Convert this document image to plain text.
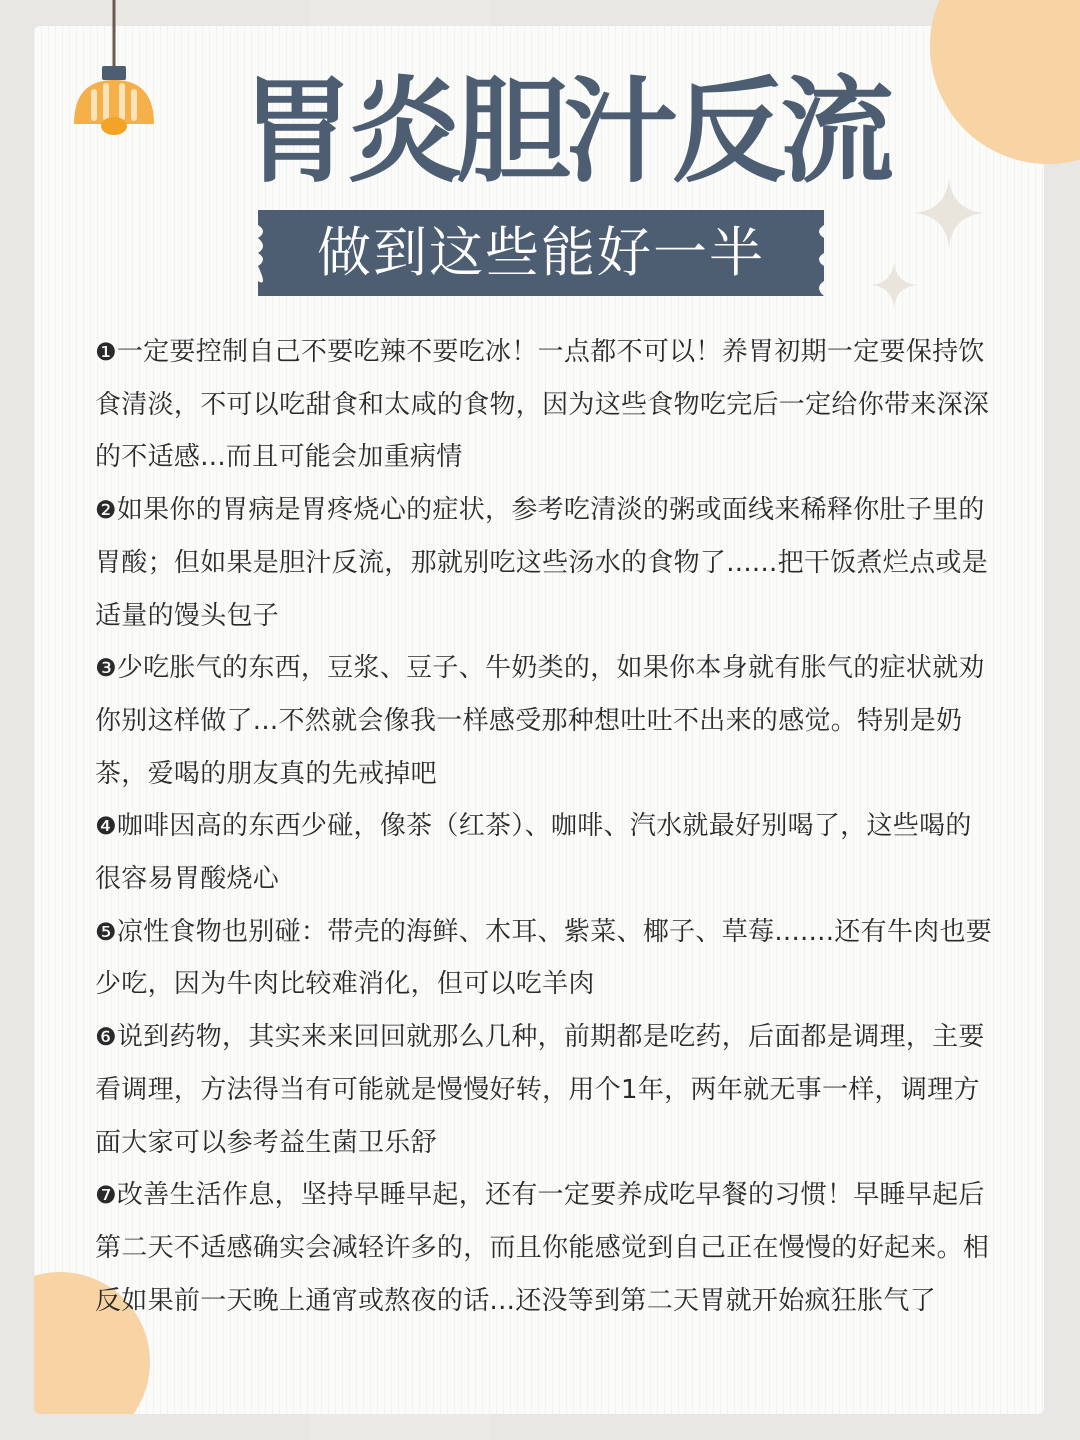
胃炎胆汁反流
做到这些能好一半
❶一定要控制自己不要吃辣不要吃冰！一点都不可以！养胃初期一定要保持饮食清淡，不可以吃甜食和太咸的食物，因为这些食物吃完后一定给你带来深深的不适感...而且可能会加重病情
❷如果你的胃病是胃疼烧心的症状，参考吃清淡的粥或面线来稀释你肚子里的胃酸；但如果是胆汁反流，那就别吃这些汤水的食物了......把干饭煮烂点或是适量的馒头包子
❸少吃胀气的东西，豆浆、豆子、牛奶类的，如果你本身就有胀气的症状就劝你别这样做了...不然就会像我一样感受那种想吐吐不出来的感觉。特别是奶茶，爱喝的朋友真的先戒掉吧
❹咖啡因高的东西少碰，像茶（红茶）、咖啡、汽水就最好别喝了，这些喝的很容易胃酸烧心
❺凉性食物也别碰：带壳的海鲜、木耳、紫菜、椰子、草莓.......还有牛肉也要少吃，因为牛肉比较难消化，但可以吃羊肉
❻说到药物，其实来来回回就那么几种，前期都是吃药，后面都是调理，主要看调理，方法得当有可能就是慢慢好转，用个1年，两年就无事一样，调理方面大家可以参考益生菌卫乐舒
❼改善生活作息，坚持早睡早起，还有一定要养成吃早餐的习惯！早睡早起后第二天不适感确实会减轻许多的，而且你能感觉到自己正在慢慢的好起来。相反如果前一天晚上通宵或熬夜的话...还没等到第二天胃就开始疯狂胀气了
